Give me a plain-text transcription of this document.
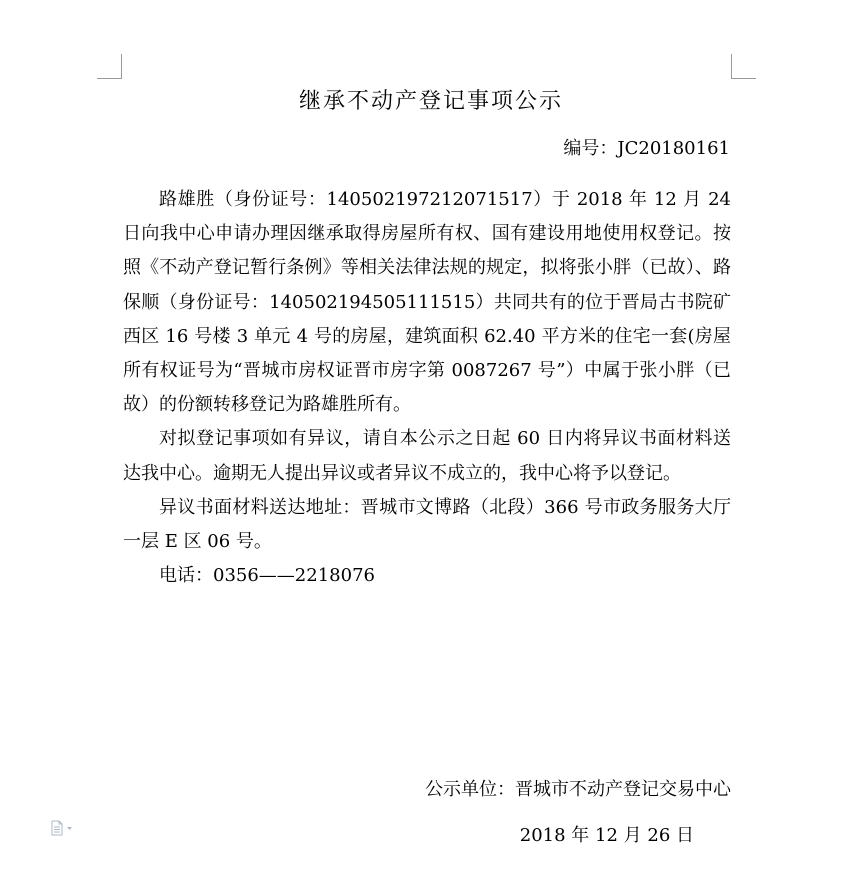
继承不动产登记事项公示
编号：JC20180161

路雄胜（身份证号：140502197212071517）于 2018 年 12 月 24 日向我中心申请办理因继承取得房屋所有权、国有建设用地使用权登记。按照《不动产登记暂行条例》等相关法律法规的规定，拟将张小胖（已故）、路保顺（身份证号：140502194505111515）共同共有的位于晋局古书院矿西区 16 号楼 3 单元 4 号的房屋，建筑面积 62.40 平方米的住宅一套(房屋所有权证号为“晋城市房权证晋市房字第 0087267 号”）中属于张小胖（已故）的份额转移登记为路雄胜所有。

对拟登记事项如有异议，请自本公示之日起 60 日内将异议书面材料送达我中心。逾期无人提出异议或者异议不成立的，我中心将予以登记。

异议书面材料送达地址：晋城市文博路（北段）366 号市政务服务大厅一层 E 区 06 号。

电话：0356——2218076

公示单位：晋城市不动产登记交易中心
2018 年 12 月 26 日
